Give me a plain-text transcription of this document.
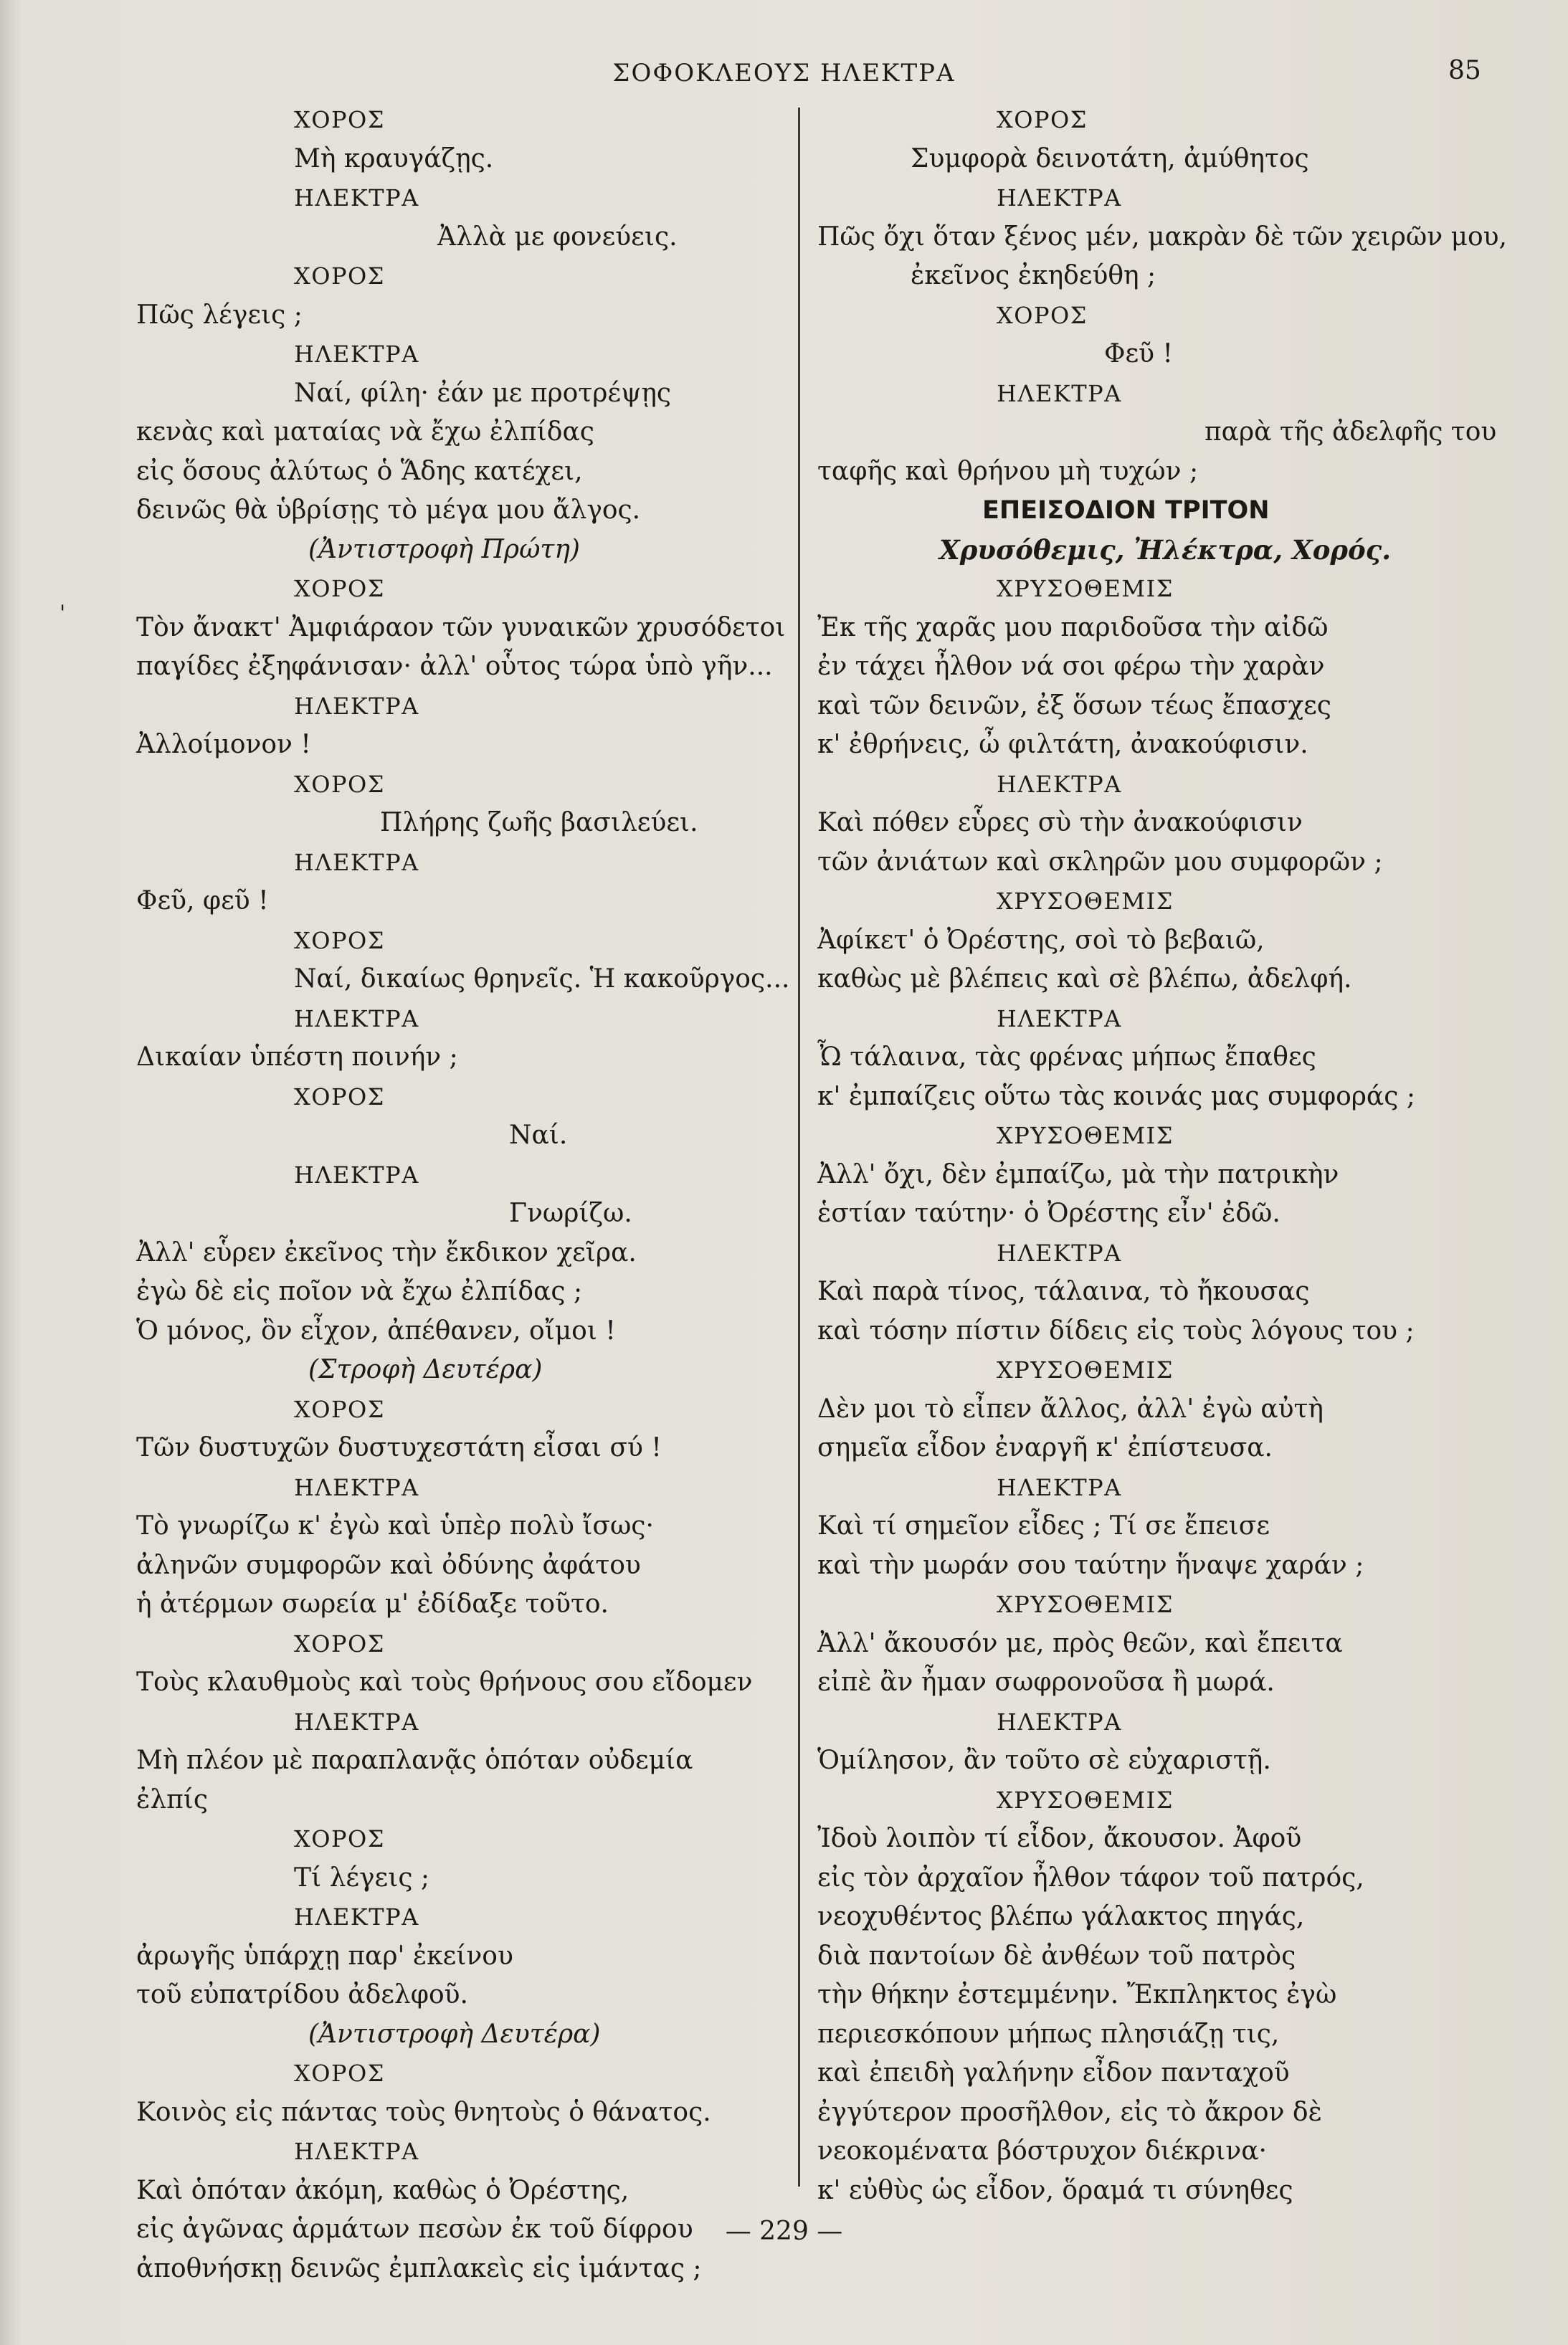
ΣΟΦΟΚΛΕΟΥΣ ΗΛΕΚΤΡΑ	85
'
ΧΟΡΟΣ
Μὴ κραυγάζῃς.
ΗΛΕΚΤΡΑ
Ἀλλὰ με φονεύεις.
ΧΟΡΟΣ
Πῶς λέγεις ;
ΗΛΕΚΤΡΑ
Ναί, φίλη· ἐάν με προτρέψῃς
κενὰς καὶ ματαίας νὰ ἔχω ἐλπίδας
εἰς ὅσους ἀλύτως ὁ Ἅδης κατέχει,
δεινῶς θὰ ὑβρίσῃς τὸ μέγα μου ἄλγος.
(Ἀντιστροφὴ Πρώτη)
ΧΟΡΟΣ
Τὸν ἄνακτ' Ἀμφιάραον τῶν γυναικῶν χρυσόδετοι
παγίδες ἐξηφάνισαν· ἀλλ' οὗτος τώρα ὑπὸ γῆν...
ΗΛΕΚΤΡΑ
Ἀλλοίμονον !
ΧΟΡΟΣ
Πλήρης ζωῆς βασιλεύει.
ΗΛΕΚΤΡΑ
Φεῦ, φεῦ !
ΧΟΡΟΣ
Ναί, δικαίως θρηνεῖς. Ἡ κακοῦργος...
ΗΛΕΚΤΡΑ
Δικαίαν ὑπέστη ποινήν ;
ΧΟΡΟΣ
Ναί.
ΗΛΕΚΤΡΑ
Γνωρίζω.
Ἀλλ' εὗρεν ἐκεῖνος τὴν ἔκδικον χεῖρα.
ἐγὼ δὲ εἰς ποῖον νὰ ἔχω ἐλπίδας ;
Ὁ μόνος, ὃν εἶχον, ἀπέθανεν, οἴμοι !
(Στροφὴ Δευτέρα)
ΧΟΡΟΣ
Τῶν δυστυχῶν δυστυχεστάτη εἶσαι σύ !
ΗΛΕΚΤΡΑ
Τὸ γνωρίζω κ' ἐγὼ καὶ ὑπὲρ πολὺ ἴσως·
ἀληνῶν συμφορῶν καὶ ὀδύνης ἀφάτου
ἡ ἀτέρμων σωρεία μ' ἐδίδαξε τοῦτο.
ΧΟΡΟΣ
Τοὺς κλαυθμοὺς καὶ τοὺς θρήνους σου εἴδομεν
ΗΛΕΚΤΡΑ
Μὴ πλέον μὲ παραπλανᾷς ὁπόταν οὐδεμία
ἐλπίς
ΧΟΡΟΣ
Τί λέγεις ;
ΗΛΕΚΤΡΑ
ἀρωγῆς ὑπάρχῃ παρ' ἐκείνου
τοῦ εὐπατρίδου ἀδελφοῦ.
(Ἀντιστροφὴ Δευτέρα)
ΧΟΡΟΣ
Κοινὸς εἰς πάντας τοὺς θνητοὺς ὁ θάνατος.
ΗΛΕΚΤΡΑ
Καὶ ὁπόταν ἀκόμη, καθὼς ὁ Ὀρέστης,
εἰς ἀγῶνας ἁρμάτων πεσὼν ἐκ τοῦ δίφρου
ἀποθνήσκῃ δεινῶς ἐμπλακεὶς εἰς ἱμάντας ;
ΧΟΡΟΣ
Συμφορὰ δεινοτάτη, ἀμύθητος
ΗΛΕΚΤΡΑ
Πῶς ὄχι ὅταν ξένος μέν, μακρὰν δὲ τῶν χειρῶν μου,
ἐκεῖνος ἐκηδεύθη ;
ΧΟΡΟΣ
Φεῦ !
ΗΛΕΚΤΡΑ
παρὰ τῆς ἀδελφῆς του
ταφῆς καὶ θρήνου μὴ τυχών ;
ΕΠΕΙΣΟΔΙΟΝ ΤΡΙΤΟΝ
Χρυσόθεμις, Ἠλέκτρα, Χορός.
ΧΡΥΣΟΘΕΜΙΣ
Ἐκ τῆς χαρᾶς μου παριδοῦσα τὴν αἰδῶ
ἐν τάχει ἦλθον νά σοι φέρω τὴν χαρὰν
καὶ τῶν δεινῶν, ἐξ ὅσων τέως ἔπασχες
κ' ἐθρήνεις, ὦ φιλτάτη, ἀνακούφισιν.
ΗΛΕΚΤΡΑ
Καὶ πόθεν εὗρες σὺ τὴν ἀνακούφισιν
τῶν ἀνιάτων καὶ σκληρῶν μου συμφορῶν ;
ΧΡΥΣΟΘΕΜΙΣ
Ἀφίκετ' ὁ Ὀρέστης, σοὶ τὸ βεβαιῶ,
καθὼς μὲ βλέπεις καὶ σὲ βλέπω, ἀδελφή.
ΗΛΕΚΤΡΑ
Ὦ τάλαινα, τὰς φρένας μήπως ἔπαθες
κ' ἐμπαίζεις οὕτω τὰς κοινάς μας συμφοράς ;
ΧΡΥΣΟΘΕΜΙΣ
Ἀλλ' ὄχι, δὲν ἐμπαίζω, μὰ τὴν πατρικὴν
ἑστίαν ταύτην· ὁ Ὀρέστης εἶν' ἐδῶ.
ΗΛΕΚΤΡΑ
Καὶ παρὰ τίνος, τάλαινα, τὸ ἤκουσας
καὶ τόσην πίστιν δίδεις εἰς τοὺς λόγους του ;
ΧΡΥΣΟΘΕΜΙΣ
Δὲν μοι τὸ εἶπεν ἄλλος, ἀλλ' ἐγὼ αὐτὴ
σημεῖα εἶδον ἐναργῆ κ' ἐπίστευσα.
ΗΛΕΚΤΡΑ
Καὶ τί σημεῖον εἶδες ; Τί σε ἔπεισε
καὶ τὴν μωράν σου ταύτην ἥναψε χαράν ;
ΧΡΥΣΟΘΕΜΙΣ
Ἀλλ' ἄκουσόν με, πρὸς θεῶν, καὶ ἔπειτα
εἰπὲ ἂν ἦμαν σωφρονοῦσα ἢ μωρά.
ΗΛΕΚΤΡΑ
Ὁμίλησον, ἂν τοῦτο σὲ εὐχαριστῇ.
ΧΡΥΣΟΘΕΜΙΣ
Ἰδοὺ λοιπὸν τί εἶδον, ἄκουσον. Ἀφοῦ
εἰς τὸν ἀρχαῖον ἦλθον τάφον τοῦ πατρός,
νεοχυθέντος βλέπω γάλακτος πηγάς,
διὰ παντοίων δὲ ἀνθέων τοῦ πατρὸς
τὴν θήκην ἐστεμμένην. Ἔκπληκτος ἐγὼ
περιεσκόπουν μήπως πλησιάζῃ τις,
καὶ ἐπειδὴ γαλήνην εἶδον πανταχοῦ
ἐγγύτερον προσῆλθον, εἰς τὸ ἄκρον δὲ
νεοκομένατα βόστρυχον διέκρινα·
κ' εὐθὺς ὡς εἶδον, ὅραμά τι σύνηθες
— 229 —
